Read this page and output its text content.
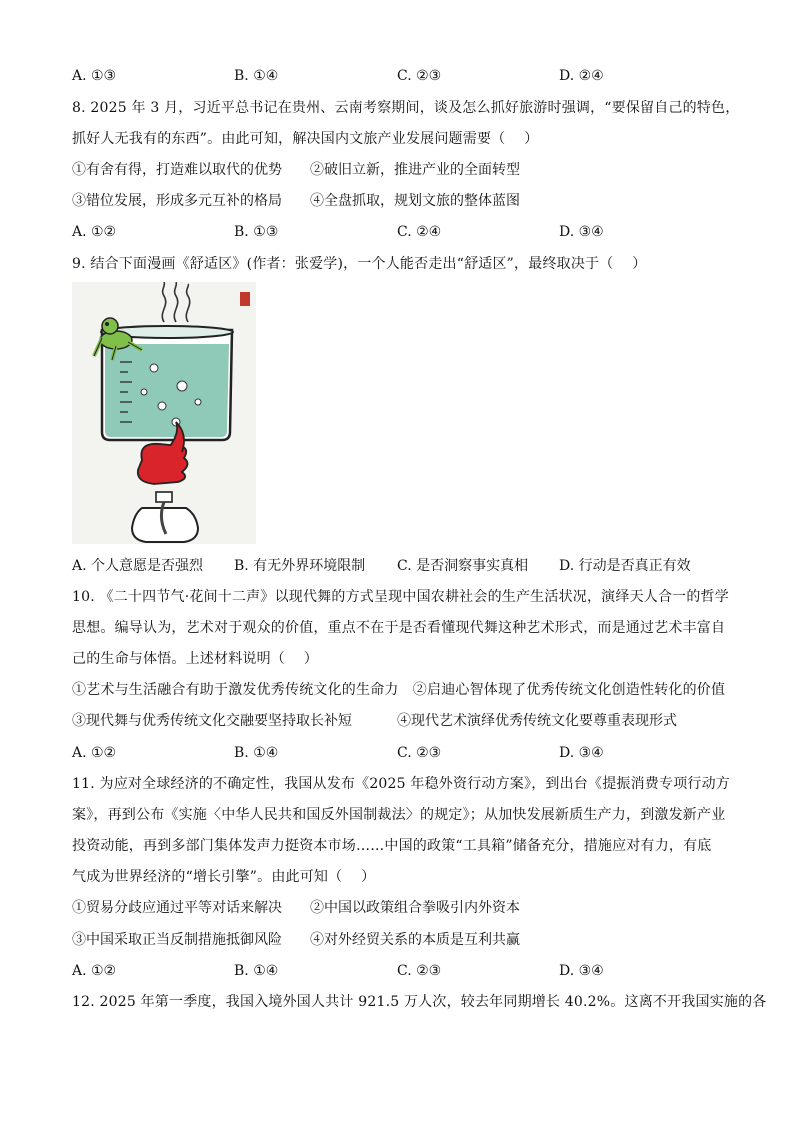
A. ①③	B. ①④	C. ②③	D. ②④
8. 2025 年 3 月，习近平总书记在贵州、云南考察期间，谈及怎么抓好旅游时强调，“要保留自己的特色，
抓好人无我有的东西”。由此可知，解决国内文旅产业发展问题需要（　 ）
①有舍有得，打造难以取代的优势 ②破旧立新，推进产业的全面转型
③错位发展，形成多元互补的格局 ④全盘抓取，规划文旅的整体蓝图
A. ①②	B. ①③	C. ②④	D. ③④
9. 结合下面漫画《舒适区》(作者：张爱学)，一个人能否走出“舒适区”，最终取决于（　 ）
A. 个人意愿是否强烈 B. 有无外界环境限制 C. 是否洞察事实真相 D. 行动是否真正有效
10. 《二十四节气·花间十二声》以现代舞的方式呈现中国农耕社会的生产生活状况，演绎天人合一的哲学
思想。编导认为，艺术对于观众的价值，重点不在于是否看懂现代舞这种艺术形式，而是通过艺术丰富自
己的生命与体悟。上述材料说明（　 ）
①艺术与生活融合有助于激发优秀传统文化的生命力　②启迪心智体现了优秀传统文化创造性转化的价值
③现代舞与优秀传统文化交融要坚持取长补短	④现代艺术演绎优秀传统文化要尊重表现形式
A. ①②	B. ①④	C. ②③	D. ③④
11. 为应对全球经济的不确定性，我国从发布《2025 年稳外资行动方案》，到出台《提振消费专项行动方
案》，再到公布《实施〈中华人民共和国反外国制裁法〉的规定》；从加快发展新质生产力，到激发新产业
投资动能，再到多部门集体发声力挺资本市场……中国的政策“工具箱”储备充分，措施应对有力，有底
气成为世界经济的“增长引擎”。由此可知（　 ）
①贸易分歧应通过平等对话来解决 ②中国以政策组合拳吸引内外资本
③中国采取正当反制措施抵御风险 ④对外经贸关系的本质是互利共赢
A. ①②	B. ①④	C. ②③	D. ③④
12. 2025 年第一季度，我国入境外国人共计 921.5 万人次，较去年同期增长 40.2%。这离不开我国实施的各
